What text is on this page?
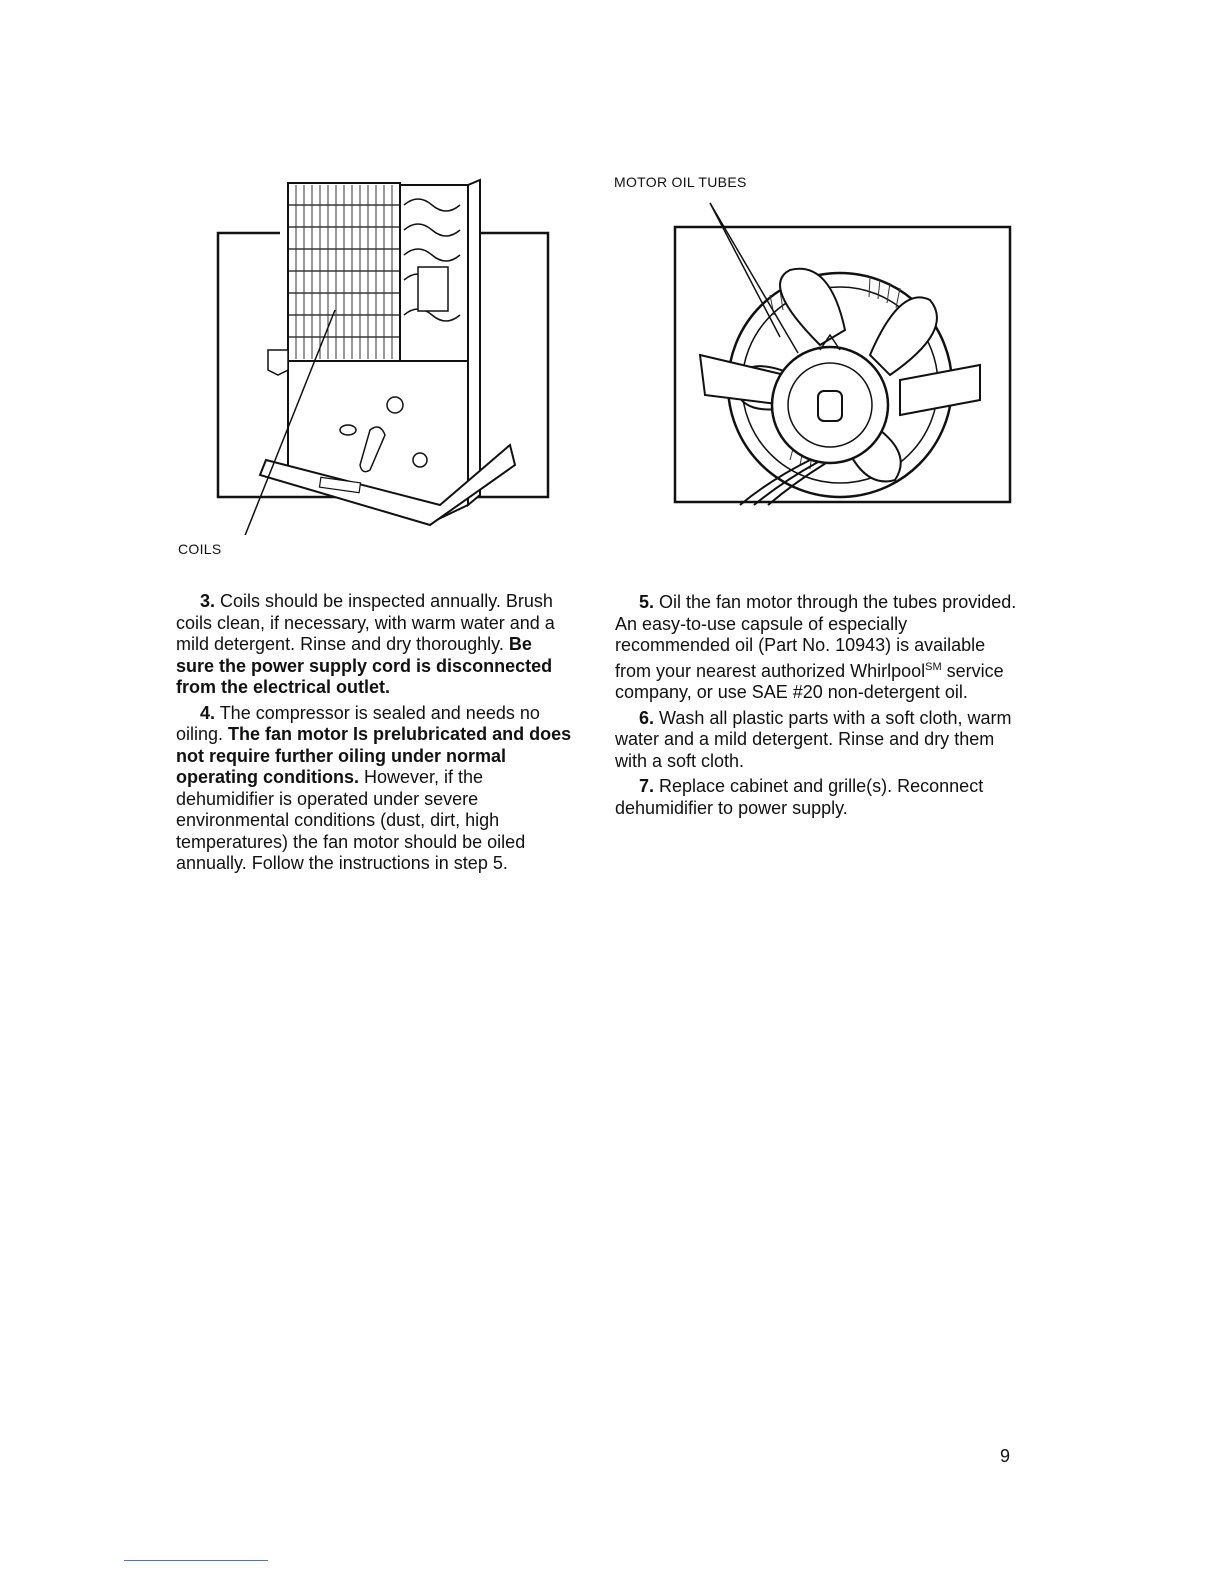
COILS
MOTOR OIL TUBES

3. Coils should be inspected annually. Brush coils clean, if necessary, with warm water and a mild detergent. Rinse and dry thoroughly. Be sure the power supply cord is disconnected from the electrical outlet.

4. The compressor is sealed and needs no oiling. The fan motor Is prelubricated and does not require further oiling under normal operating conditions. However, if the dehumidifier is operated under severe environmental conditions (dust, dirt, high temperatures) the fan motor should be oiled annually. Follow the instructions in step 5.

5. Oil the fan motor through the tubes provided. An easy-to-use capsule of especially recommended oil (Part No. 10943) is available from your nearest authorized Whirlpool℠ service company, or use SAE #20 non-detergent oil.

6. Wash all plastic parts with a soft cloth, warm water and a mild detergent. Rinse and dry them with a soft cloth.

7. Replace cabinet and grille(s). Reconnect dehumidifier to power supply.

9
